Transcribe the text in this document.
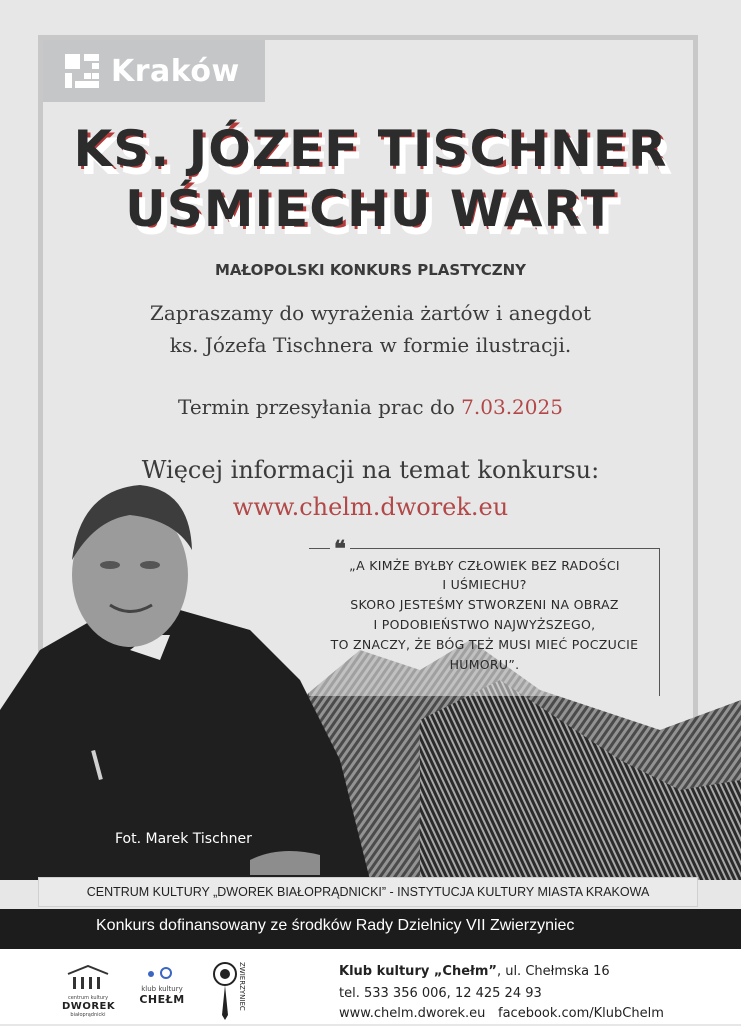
Kraków
KS. JÓZEF TISCHNER
UŚMIECHU WART
MAŁOPOLSKI KONKURS PLASTYCZNY
Zapraszamy do wyrażenia żartów i anegdot
ks. Józefa Tischnera w formie ilustracji.
Termin przesyłania prac do 7.03.2025
Więcej informacji na temat konkursu:
www.chelm.dworek.eu
❝
„A KIMŻE BYŁBY CZŁOWIEK BEZ RADOŚCI
I UŚMIECHU?
SKORO JESTEŚMY STWORZENI NA OBRAZ
I PODOBIEŃSTWO NAJWYŻSZEGO,
TO ZNACZY, ŻE BÓG TEŻ MUSI MIEĆ POCZUCIE
HUMORU”.
Fot. Marek Tischner
CENTRUM KULTURY „DWOREK BIAŁOPRĄDNICKI” - INSTYTUCJA KULTURY MIASTA KRAKOWA
Konkurs dofinansowany ze środków Rady Dzielnicy VII Zwierzyniec
centrum kultury
DWOREK
białoprądnicki
klub kultury
CHEŁM	ZWIERZYNIEC	Klub kultury „Chełm”, ul. Chełmska 16
tel. 533 356 006, 12 425 24 93
www.chelm.dworek.eu facebook.com/KlubChelm
